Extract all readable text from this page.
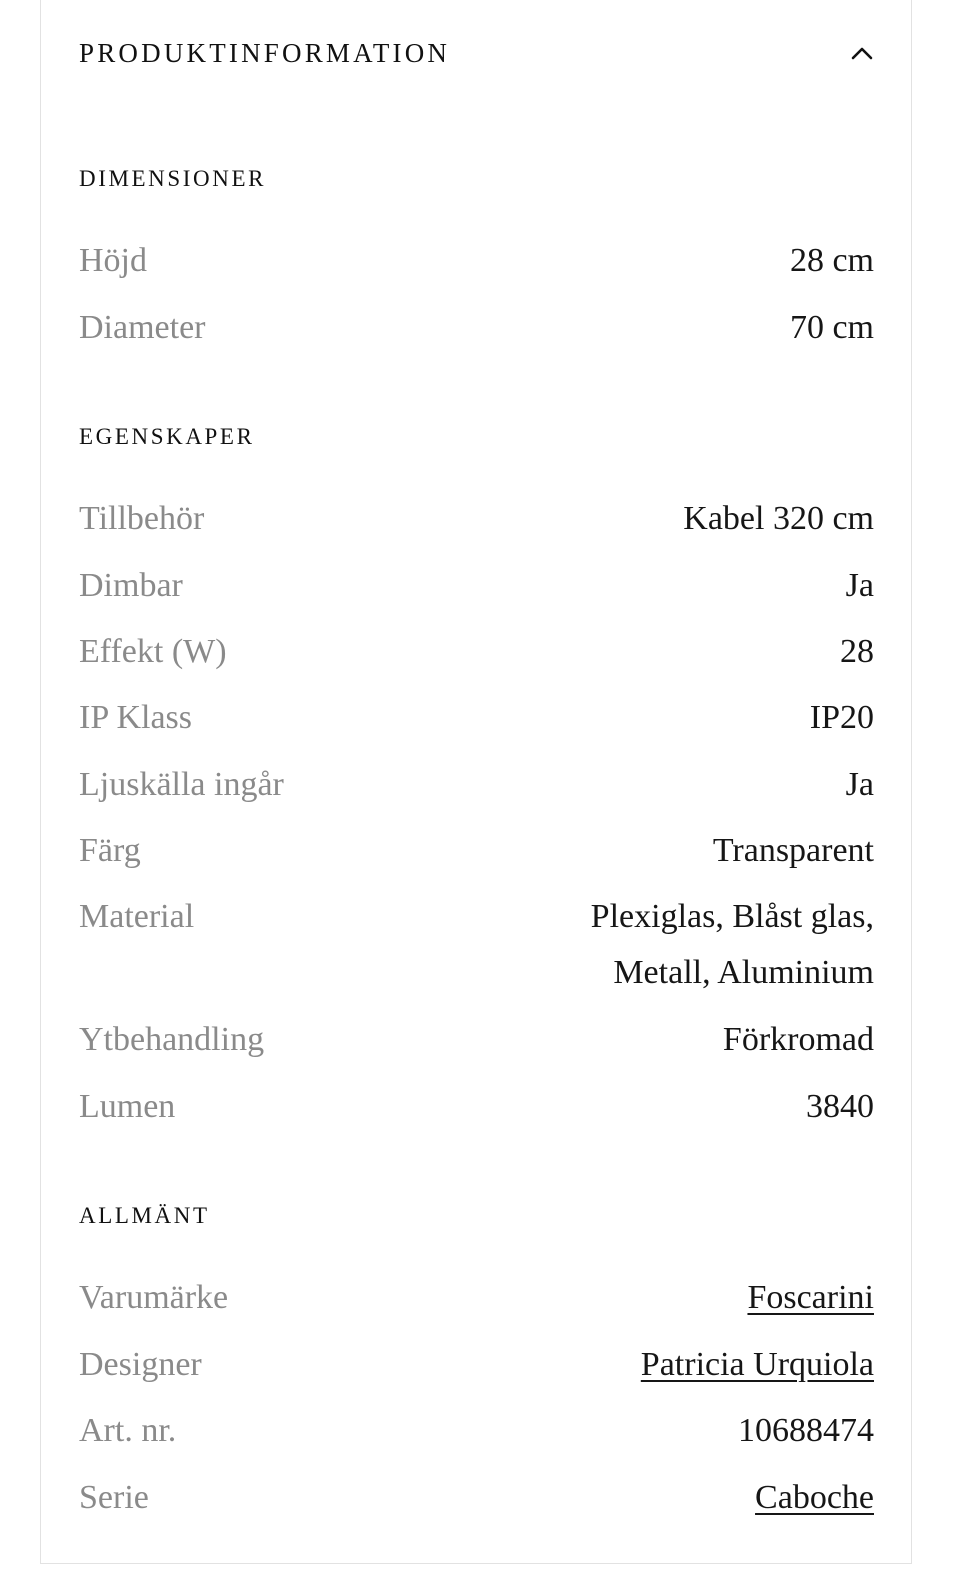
PRODUKTINFORMATION
DIMENSIONER
Höjd	28 cm
Diameter	70 cm
EGENSKAPER
Tillbehör	Kabel 320 cm
Dimbar	Ja
Effekt (W)	28
IP Klass	IP20
Ljuskälla ingår	Ja
Färg	Transparent
Material	Plexiglas, Blåst glas,
Metall, Aluminium
Ytbehandling	Förkromad
Lumen	3840
ALLMÄNT
Varumärke	Foscarini
Designer	Patricia Urquiola
Art. nr.	10688474
Serie	Caboche
